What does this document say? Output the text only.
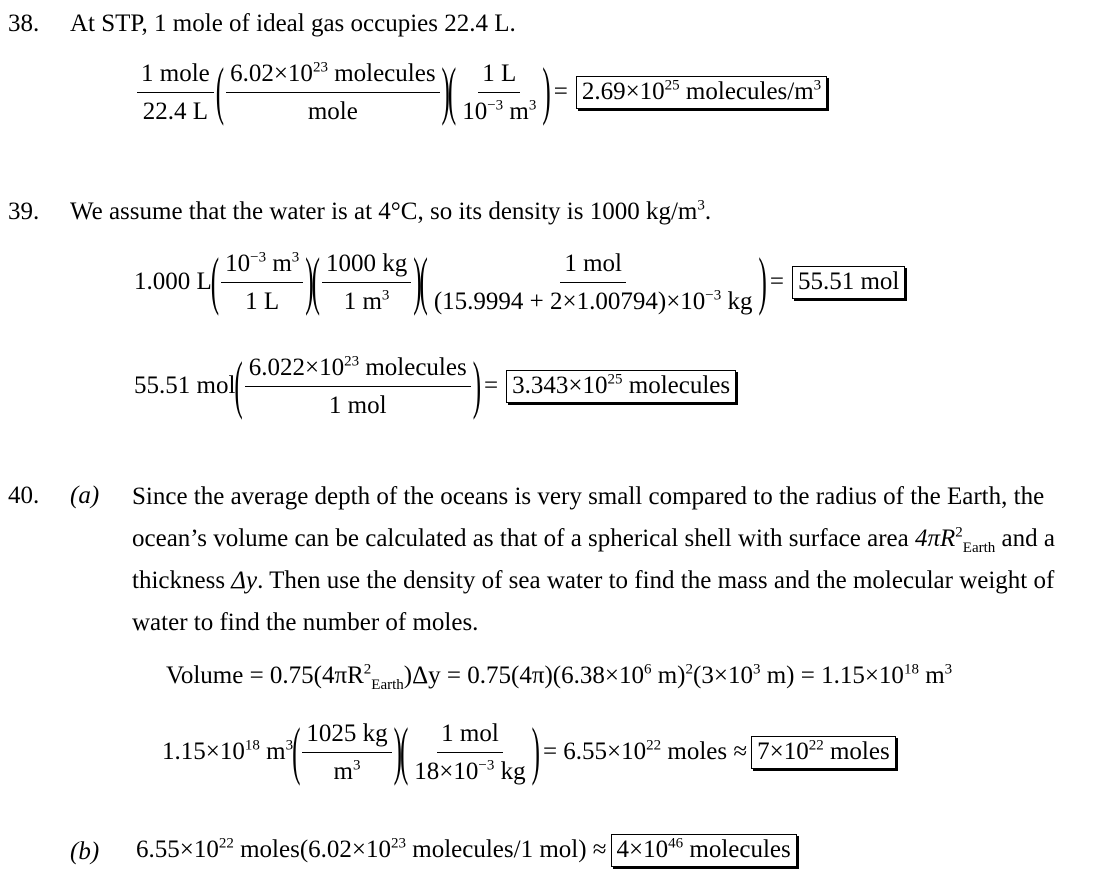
38. At STP, 1 mole of ideal gas occupies 22.4 L.
$\frac{\text{1 mole}}{22.4 L}$ ( $\frac{6.02\times 10^{23} molecules}{\text{mole}}$ )
( $\frac{1 L}{10^{-3} m^3}$ ) = $2.69\times 10^{25}$ molecules/$m^3$
39. We assume that the water is at 4°C, so its density is 1000 $kg/m^3$.
1.000 L ( $\frac{10^{-3} m^3}{1 L}$ )
( $\frac{1000 kg}{1 m^3}$ )
( $\frac{\text{1 mol}}{(15.9994 + 2\times 1.00794)\times 10^{-3} kg}$ ) = 55.51 mol
55.51 mol ( $\frac{6.022\times 10^{23} molecules}{\text{1 mol}}$ ) = $3.343\times 10^{25}$ molecules
40. (a) Since the average depth of the oceans is very small compared to the radius of the Earth, the ocean’s volume can be calculated as that of a spherical shell with surface area $4\pi R^2_{Earth}$ and a thickness Δy. Then use the density of sea water to find the mass and the molecular weight of water to find the number of moles.
Volume = $0.75(4\pi R^2_{Earth})\Delta y = 0.75(4\pi)(6.38\times 10^6$ $m)^2(3\times 10^3$ $m) = 1.15\times 10^{18}$ $m^3$
$1.15\times 10^{18}$ $m^3$ ( $\frac{1025 kg}{m^3}$ )
( $\frac{\text{1 mol}}{18\times 10^{-3} kg}$ ) = $6.55\times 10^{22}$ moles ≈ $7\times 10^{22}$ moles
(b) $6.55\times 10^{22}$ $moles(6.02\times 10^{23}$ molecules/1 $mol) \approx 4\times 10^{46}$ molecules
